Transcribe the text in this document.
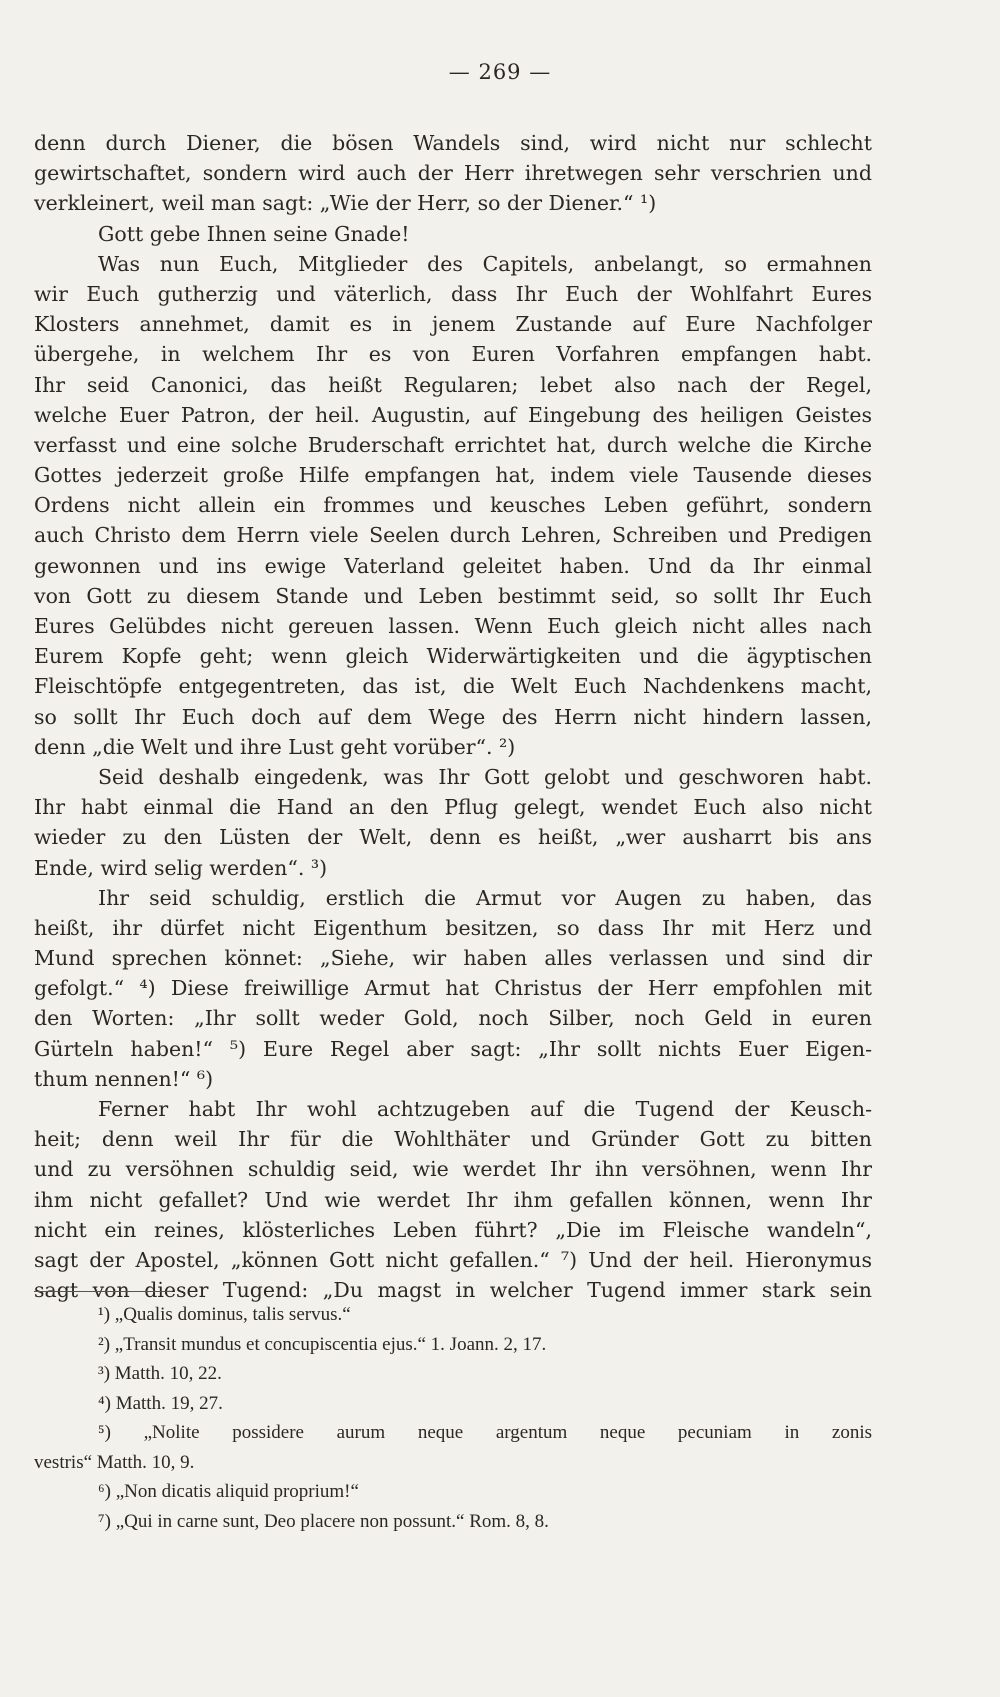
— 269 —
denn durch Diener, die bösen Wandels sind, wird nicht nur schlecht
gewirtschaftet, sondern wird auch der Herr ihretwegen sehr verschrien und
verkleinert, weil man sagt: „Wie der Herr, so der Diener.“ ¹)
Gott gebe Ihnen seine Gnade!
Was nun Euch, Mitglieder des Capitels, anbelangt, so ermahnen
wir Euch gutherzig und väterlich, dass Ihr Euch der Wohlfahrt Eures
Klosters annehmet, damit es in jenem Zustande auf Eure Nachfolger
übergehe, in welchem Ihr es von Euren Vorfahren empfangen habt.
Ihr seid Canonici, das heißt Regularen; lebet also nach der Regel,
welche Euer Patron, der heil. Augustin, auf Eingebung des heiligen Geistes
verfasst und eine solche Bruderschaft errichtet hat, durch welche die Kirche
Gottes jederzeit große Hilfe empfangen hat, indem viele Tausende dieses
Ordens nicht allein ein frommes und keusches Leben geführt, sondern
auch Christo dem Herrn viele Seelen durch Lehren, Schreiben und Predigen
gewonnen und ins ewige Vaterland geleitet haben. Und da Ihr einmal
von Gott zu diesem Stande und Leben bestimmt seid, so sollt Ihr Euch
Eures Gelübdes nicht gereuen lassen. Wenn Euch gleich nicht alles nach
Eurem Kopfe geht; wenn gleich Widerwärtigkeiten und die ägyptischen
Fleischtöpfe entgegentreten, das ist, die Welt Euch Nachdenkens macht,
so sollt Ihr Euch doch auf dem Wege des Herrn nicht hindern lassen,
denn „die Welt und ihre Lust geht vorüber“. ²)
Seid deshalb eingedenk, was Ihr Gott gelobt und geschworen habt.
Ihr habt einmal die Hand an den Pflug gelegt, wendet Euch also nicht
wieder zu den Lüsten der Welt, denn es heißt, „wer ausharrt bis ans
Ende, wird selig werden“. ³)
Ihr seid schuldig, erstlich die Armut vor Augen zu haben, das
heißt, ihr dürfet nicht Eigenthum besitzen, so dass Ihr mit Herz und
Mund sprechen könnet: „Siehe, wir haben alles verlassen und sind dir
gefolgt.“ ⁴) Diese freiwillige Armut hat Christus der Herr empfohlen mit
den Worten: „Ihr sollt weder Gold, noch Silber, noch Geld in euren
Gürteln haben!“ ⁵) Eure Regel aber sagt: „Ihr sollt nichts Euer Eigen-
thum nennen!“ ⁶)
Ferner habt Ihr wohl achtzugeben auf die Tugend der Keusch-
heit; denn weil Ihr für die Wohlthäter und Gründer Gott zu bitten
und zu versöhnen schuldig seid, wie werdet Ihr ihn versöhnen, wenn Ihr
ihm nicht gefallet? Und wie werdet Ihr ihm gefallen können, wenn Ihr
nicht ein reines, klösterliches Leben führt? „Die im Fleische wandeln“,
sagt der Apostel, „können Gott nicht gefallen.“ ⁷) Und der heil. Hieronymus
sagt von dieser Tugend: „Du magst in welcher Tugend immer stark sein
¹) „Qualis dominus, talis servus.“
²) „Transit mundus et concupiscentia ejus.“ 1. Joann. 2, 17.
³) Matth. 10, 22.
⁴) Matth. 19, 27.
⁵) „Nolite possidere aurum neque argentum neque pecuniam in zonis
vestris“ Matth. 10, 9.
⁶) „Non dicatis aliquid proprium!“
⁷) „Qui in carne sunt, Deo placere non possunt.“ Rom. 8, 8.
